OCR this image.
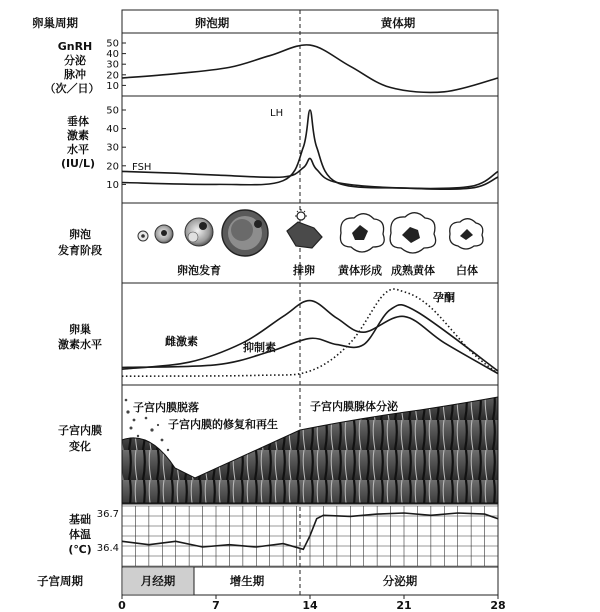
卵巢周期	卵泡期	黄体期
GnRH
分泌
脉冲
（次／日）
50
40
30
20
10
垂体
激素
水平
(IU/L)
50
40
30
20
10
LH
FSH
卵泡
发育阶段
卵泡发育	排卵 黄体形成 成熟黄体 白体
卵巢
激素水平	雌激素	抑制素
孕酮
子宫内膜
变化
子宫内膜脱落
子宫内膜的修复和再生
子宫内膜腺体分泌
基础
体温
(℃)
36.7
36.4
子宫周期	月经期	增生期	分泌期
0	7	14	21	28
